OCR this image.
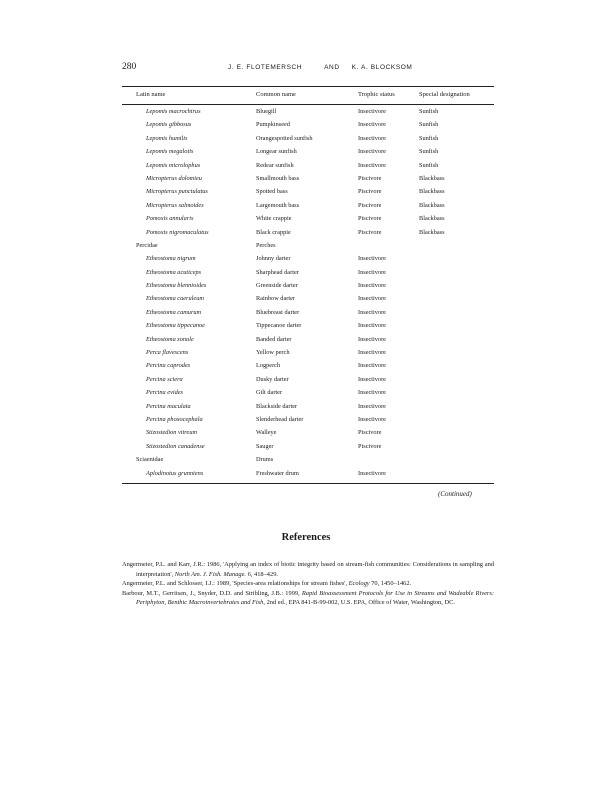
280	J. E. FLOTEMERSCH	AND K. A. BLOCKSOM
Latin name	Common name	Trophic status	Special designation
Lepomis macrochirus	Bluegill	Insectivore	Sunfish
Lepomis gibbosus	Pumpkinseed	Insectivore	Sunfish
Lepomis humilis	Orangespotted sunfish	Insectivore	Sunfish
Lepomis megalotis	Longear sunfish	Insectivore	Sunfish
Lepomis microlophus	Redear sunfish	Insectivore	Sunfish
Micropterus dolomieu	Smallmouth bass	Piscivore	Blackbass
Micropterus punctulatus	Spotted bass	Piscivore	Blackbass
Micropterus salmoides	Largemouth bass	Piscivore	Blackbass
Pomoxis annularis	White crappie	Piscivore	Blackbass
Pomoxis nigromaculatus	Black crappie	Piscivore	Blackbass
Percidae	Perches
Etheostoma nigrum	Johnny darter	Insectivore
Etheostoma acuticeps	Sharphead darter	Insectivore
Etheostoma blennioides	Greenside darter	Insectivore
Etheostoma caeruleum	Rainbow darter	Insectivore
Etheostoma camurum	Bluebreast darter	Insectivore
Etheostoma tippecanoe	Tippecanoe darter	Insectivore
Etheostoma zonale	Banded darter	Insectivore
Perca flavescens	Yellow perch	Insectivore
Percina caprodes	Logperch	Insectivore
Percina sciera	Dusky darter	Insectivore
Percina evides	Gilt darter	Insectivore
Percina maculata	Blackside darter	Insectivore
Percina phoxocephala	Slenderhead darter	Insectivore
Stizostedion vitreum	Walleye	Piscivore
Stizostedion canadense	Sauger	Piscivore
Sciaenidae	Drums
Aplodinotus grunniens	Freshwater drum	Insectivore
(Continued)
References
Angermeier, P.L. and Karr, J.R.: 1986, 'Applying an index of biotic integrity based on stream-fish communities: Considerations in sampling and interpretation', North Am. J. Fish. Manage. 6, 418–429.
Angermeier, P.L. and Schlosser, I.J.: 1989, 'Species-area relationships for stream fishes', Ecology 70, 1450–1462.
Barbour, M.T., Gerritsen, J., Snyder, D.D. and Stribling, J.B.: 1999, Rapid Bioassessment Protocols for Use in Streams and Wadeable Rivers: Periphyton, Benthic Macroinvertebrates and Fish, 2nd ed., EPA 841-B-99-002, U.S. EPA, Office of Water, Washington, DC.
